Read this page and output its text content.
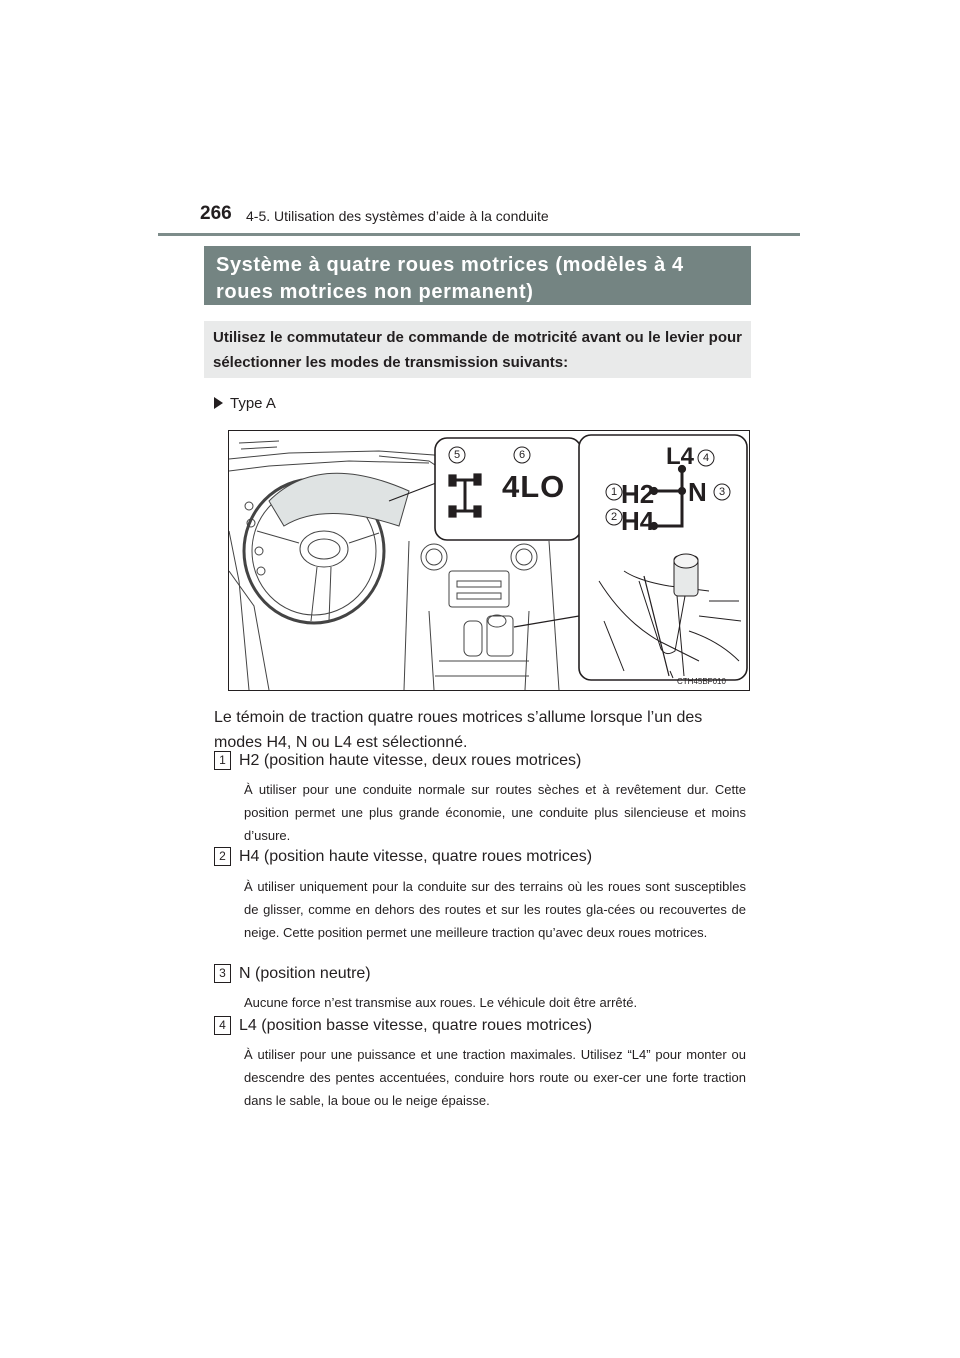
266 4-5. Utilisation des systèmes d’aide à la conduite
Système à quatre roues motrices (modèles à 4 roues motrices non permanent)
Utilisez le commutateur de commande de motricité avant ou le levier pour sélectionner les modes de transmission suivants:
Type A
4LO H2
H4
N
L4
1
2
3
4
5	6
CTH45BF010
Le témoin de traction quatre roues motrices s’allume lorsque l’un des modes H4, N ou L4 est sélectionné.
1 H2 (position haute vitesse, deux roues motrices)
À utiliser pour une conduite normale sur routes sèches et à revêtement dur. Cette position permet une plus grande économie, une conduite plus silencieuse et moins d’usure.
2 H4 (position haute vitesse, quatre roues motrices)
À utiliser uniquement pour la conduite sur des terrains où les roues sont susceptibles de glisser, comme en dehors des routes et sur les routes gla-cées ou recouvertes de neige. Cette position permet une meilleure traction qu’avec deux roues motrices.
3 N (position neutre)
Aucune force n’est transmise aux roues. Le véhicule doit être arrêté.
4 L4 (position basse vitesse, quatre roues motrices)
À utiliser pour une puissance et une traction maximales. Utilisez “L4” pour monter ou descendre des pentes accentuées, conduire hors route ou exer-cer une forte traction dans le sable, la boue ou le neige épaisse.
